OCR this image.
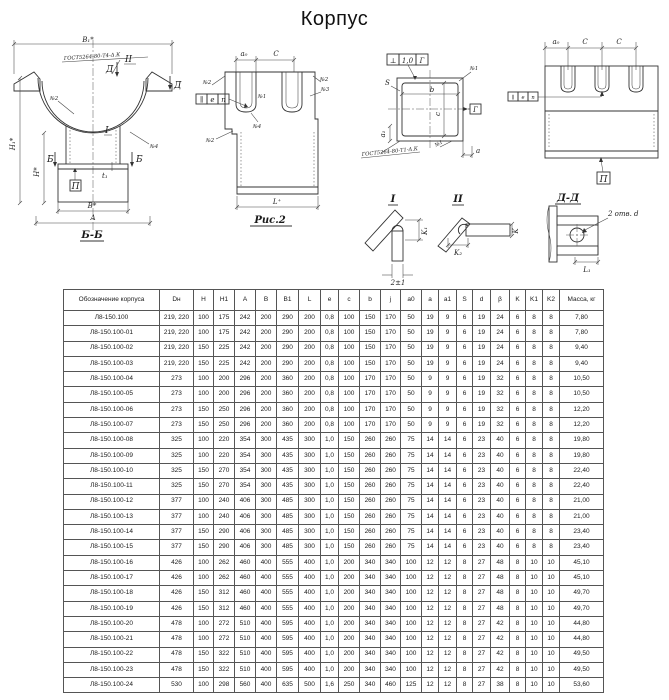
Корпус
B₁*
ГОСТ5264-80-Т4-Δ.К
H₁*
H*
Б	Б
t₁
П
B*
A
Б-Б
Д
II
Д
I
№2
№4
a₀	C
∥ е п
№2
№1
№2
№3
№4
№2
L⁺
Рис.2
⊥ 1,0 Г
b
c
S
a₁
Г
№1
ГОСТ5264-80-Т1-Δ.К
№1
a
a₀	C	C
∥ е п
П
I
K₁
2±1
II
K₂
K
Д-Д
2 отв. d
L₁
Обозначение корпуса	Dн	H	H1	A	B	B1	L	e	c	b	j	a0	a	a1	S	d	β	K	K1	K2	Масса, кг
Л8-150.100	219, 220	100	175	242	200	290	200	0,8	100	150	170	50	19	9	6	19	24	6	8	8	7,80
Л8-150.100-01	219, 220	100	175	242	200	290	200	0,8	100	150	170	50	19	9	6	19	24	6	8	8	7,80
Л8-150.100-02	219, 220	150	225	242	200	290	200	0,8	100	150	170	50	19	9	6	19	24	6	8	8	9,40
Л8-150.100-03	219, 220	150	225	242	200	290	200	0,8	100	150	170	50	19	9	6	19	24	6	8	8	9,40
Л8-150.100-04	273	100	200	296	200	360	200	0,8	100	170	170	50	9	9	6	19	32	6	8	8	10,50
Л8-150.100-05	273	100	200	296	200	360	200	0,8	100	170	170	50	9	9	6	19	32	6	8	8	10,50
Л8-150.100-06	273	150	250	296	200	360	200	0,8	100	170	170	50	9	9	6	19	32	6	8	8	12,20
Л8-150.100-07	273	150	250	296	200	360	200	0,8	100	170	170	50	9	9	6	19	32	6	8	8	12,20
Л8-150.100-08	325	100	220	354	300	435	300	1,0	150	260	260	75	14	14	6	23	40	6	8	8	19,80
Л8-150.100-09	325	100	220	354	300	435	300	1,0	150	260	260	75	14	14	6	23	40	6	8	8	19,80
Л8-150.100-10	325	150	270	354	300	435	300	1,0	150	260	260	75	14	14	6	23	40	6	8	8	22,40
Л8-150.100-11	325	150	270	354	300	435	300	1,0	150	260	260	75	14	14	6	23	40	6	8	8	22,40
Л8-150.100-12	377	100	240	406	300	485	300	1,0	150	260	260	75	14	14	6	23	40	6	8	8	21,00
Л8-150.100-13	377	100	240	406	300	485	300	1,0	150	260	260	75	14	14	6	23	40	6	8	8	21,00
Л8-150.100-14	377	150	290	406	300	485	300	1,0	150	260	260	75	14	14	6	23	40	6	8	8	23,40
Л8-150.100-15	377	150	290	406	300	485	300	1,0	150	260	260	75	14	14	6	23	40	6	8	8	23,40
Л8-150.100-16	426	100	262	460	400	555	400	1,0	200	340	340	100	12	12	8	27	48	8	10	10	45,10
Л8-150.100-17	426	100	262	460	400	555	400	1,0	200	340	340	100	12	12	8	27	48	8	10	10	45,10
Л8-150.100-18	426	150	312	460	400	555	400	1,0	200	340	340	100	12	12	8	27	48	8	10	10	49,70
Л8-150.100-19	426	150	312	460	400	555	400	1,0	200	340	340	100	12	12	8	27	48	8	10	10	49,70
Л8-150.100-20	478	100	272	510	400	595	400	1,0	200	340	340	100	12	12	8	27	42	8	10	10	44,80
Л8-150.100-21	478	100	272	510	400	595	400	1,0	200	340	340	100	12	12	8	27	42	8	10	10	44,80
Л8-150.100-22	478	150	322	510	400	595	400	1,0	200	340	340	100	12	12	8	27	42	8	10	10	49,50
Л8-150.100-23	478	150	322	510	400	595	400	1,0	200	340	340	100	12	12	8	27	42	8	10	10	49,50
Л8-150.100-24	530	100	298	560	400	635	500	1,6	250	340	460	125	12	12	8	27	38	8	10	10	53,60
